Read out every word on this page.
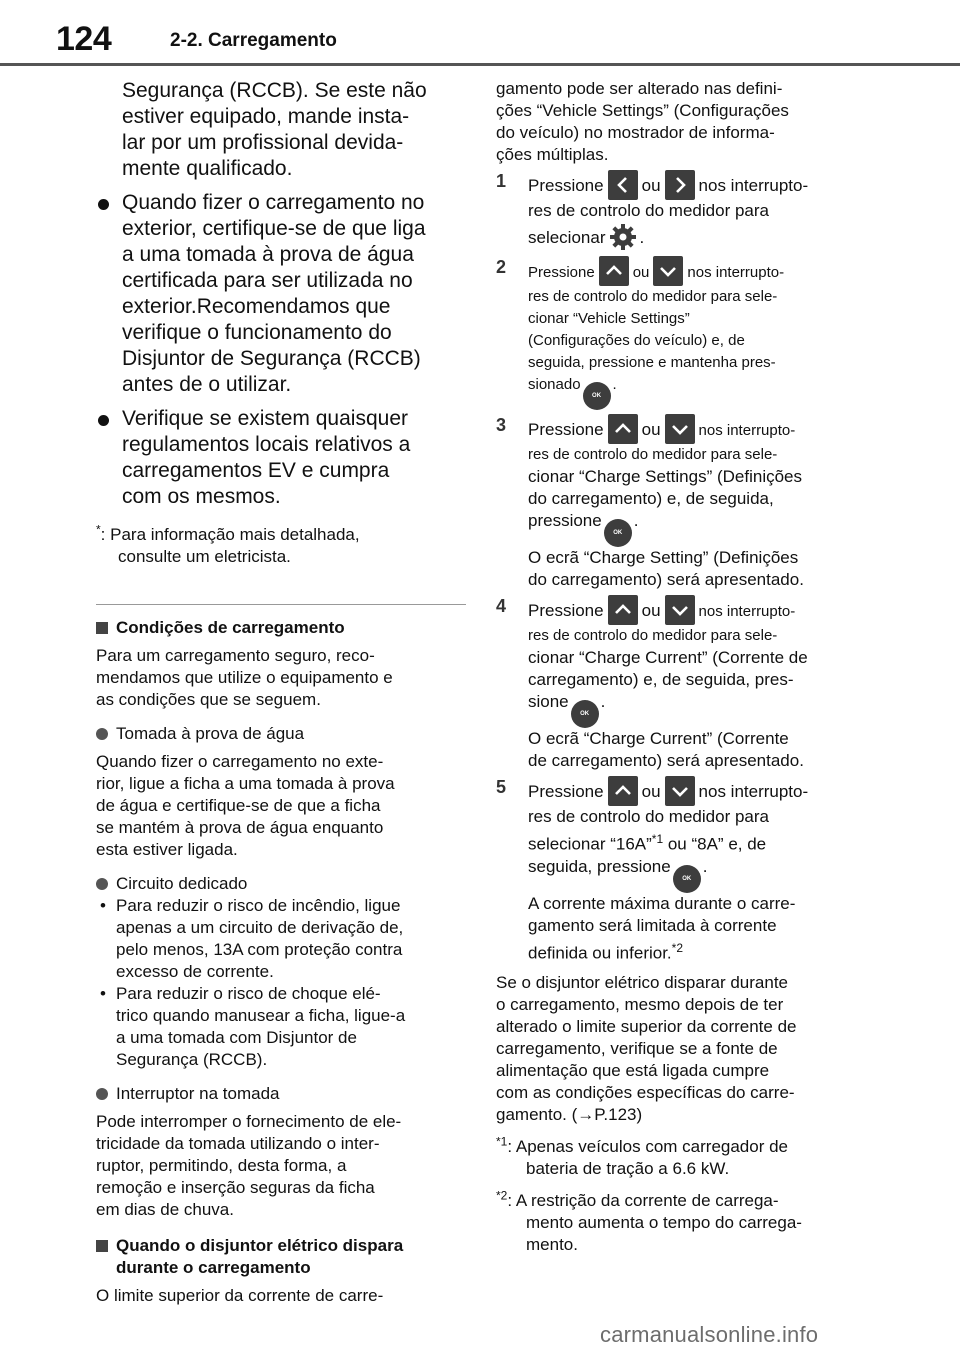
124	2-2. Carregamento
Segurança (RCCB). Se este não
estiver equipado, mande insta-
lar por um profissional devida-
mente qualificado.
Quando fizer o carregamento no
exterior, certifique-se de que liga
a uma tomada à prova de água
certificada para ser utilizada no
exterior.Recomendamos que
verifique o funcionamento do
Disjuntor de Segurança (RCCB)
antes de o utilizar.
Verifique se existem quaisquer
regulamentos locais relativos a
carregamentos EV e cumpra
com os mesmos.
*: Para informação mais detalhada,
consulte um eletricista.
Condições de carregamento
Para um carregamento seguro, reco-
mendamos que utilize o equipamento e
as condições que se seguem.
Tomada à prova de água
Quando fizer o carregamento no exte-
rior, ligue a ficha a uma tomada à prova
de água e certifique-se de que a ficha
se mantém à prova de água enquanto
esta estiver ligada.
Circuito dedicado
• Para reduzir o risco de incêndio, ligue
apenas a um circuito de derivação de,
pelo menos, 13A com proteção contra
excesso de corrente.
• Para reduzir o risco de choque elé-
trico quando manusear a ficha, ligue-a
a uma tomada com Disjuntor de
Segurança (RCCB).
Interruptor na tomada
Pode interromper o fornecimento de ele-
tricidade da tomada utilizando o inter-
ruptor, permitindo, desta forma, a
remoção e inserção seguras da ficha
em dias de chuva.
Quando o disjuntor elétrico dispara
durante o carregamento
O limite superior da corrente de carre-
gamento pode ser alterado nas defini-
ções “Vehicle Settings” (Configurações
do veículo) no mostrador de informa-
ções múltiplas.
1 Pressione ou nos interrupto-
res de controlo do medidor para
selecionar .
2 Pressione	ou	nos interrupto-
res de controlo do medidor para sele-
cionar “Vehicle Settings”
(Configurações do veículo) e, de
seguida, pressione e mantenha pres-
sionadoOK.
3 Pressione ou	nos interrupto-
res de controlo do medidor para sele-
cionar “Charge Settings” (Definições
do carregamento) e, de seguida,
pressioneOK.
O ecrã “Charge Setting” (Definições
do carregamento) será apresentado.
4 Pressione ou	nos interrupto-
res de controlo do medidor para sele-
cionar “Charge Current” (Corrente de
carregamento) e, de seguida, pres-
sioneOK.
O ecrã “Charge Current” (Corrente
de carregamento) será apresentado.
5 Pressione ou nos interrupto-
res de controlo do medidor para
selecionar “16A”$^{*1}$ ou “8A” e, de
seguida, pressioneOK.
A corrente máxima durante o carre-
gamento será limitada à corrente
definida ou inferior.$^{*2}$
Se o disjuntor elétrico disparar durante
o carregamento, mesmo depois de ter
alterado o limite superior da corrente de
carregamento, verifique se a fonte de
alimentação que está ligada cumpre
com as condições específicas do carre-
gamento. (→P.123)
$^{*1}$: Apenas veículos com carregador de
bateria de tração a 6.6 kW.
$^{*2}$: A restrição da corrente de carrega-
mento aumenta o tempo do carrega-
mento.
carmanualsonline.info
